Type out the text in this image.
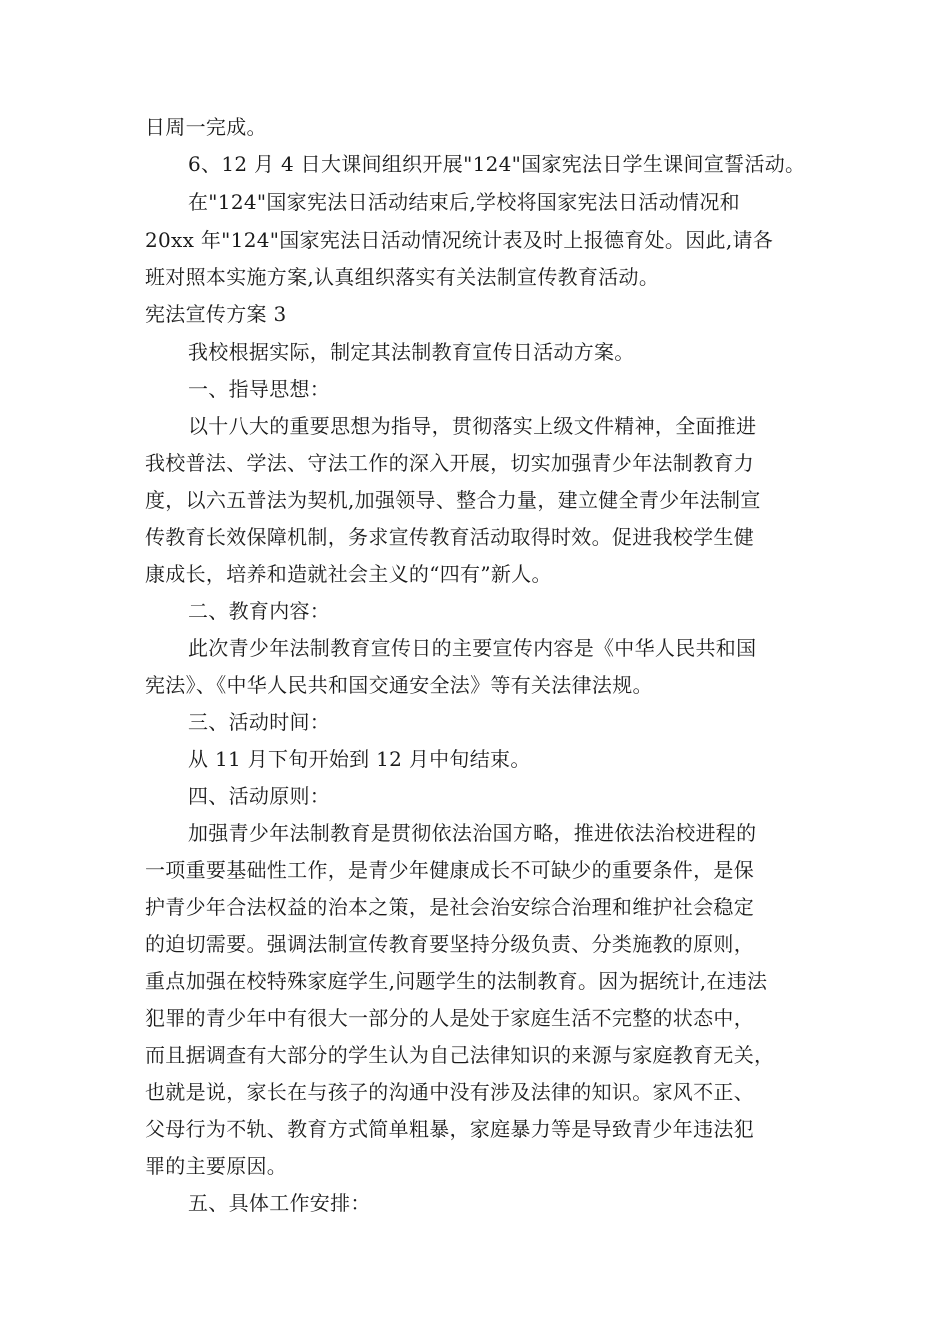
日周一完成。
6、12 月 4 日大课间组织开展"124"国家宪法日学生课间宣誓活动。
在"124"国家宪法日活动结束后,学校将国家宪法日活动情况和
20xx 年"124"国家宪法日活动情况统计表及时上报德育处。因此,请各
班对照本实施方案,认真组织落实有关法制宣传教育活动。
宪法宣传方案 3
我校根据实际，制定其法制教育宣传日活动方案。
一、指导思想：
以十八大的重要思想为指导，贯彻落实上级文件精神，全面推进
我校普法、学法、守法工作的深入开展，切实加强青少年法制教育力
度，以六五普法为契机,加强领导、整合力量，建立健全青少年法制宣
传教育长效保障机制，务求宣传教育活动取得时效。促进我校学生健
康成长，培养和造就社会主义的“四有”新人。
二、教育内容：
此次青少年法制教育宣传日的主要宣传内容是《中华人民共和国
宪法》、《中华人民共和国交通安全法》等有关法律法规。
三、活动时间：
从 11 月下旬开始到 12 月中旬结束。
四、活动原则：
加强青少年法制教育是贯彻依法治国方略，推进依法治校进程的
一项重要基础性工作，是青少年健康成长不可缺少的重要条件，是保
护青少年合法权益的治本之策，是社会治安综合治理和维护社会稳定
的迫切需要。强调法制宣传教育要坚持分级负责、分类施教的原则，
重点加强在校特殊家庭学生,问题学生的法制教育。因为据统计,在违法
犯罪的青少年中有很大一部分的人是处于家庭生活不完整的状态中，
而且据调查有大部分的学生认为自己法律知识的来源与家庭教育无关，
也就是说，家长在与孩子的沟通中没有涉及法律的知识。家风不正、
父母行为不轨、教育方式简单粗暴，家庭暴力等是导致青少年违法犯
罪的主要原因。
五、具体工作安排：
